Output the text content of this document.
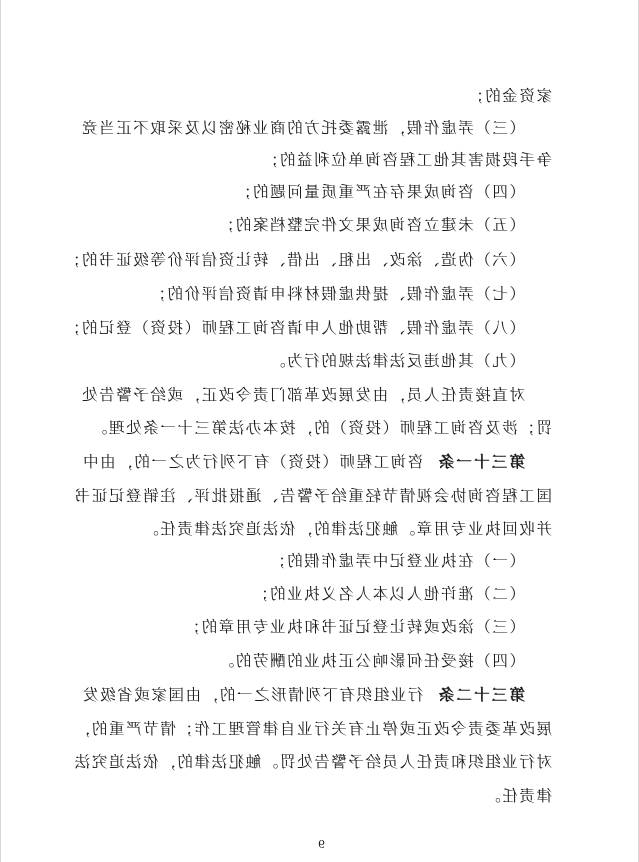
家资金的；
（三）弄虚作假，泄露委托方的商业秘密以及采取不正当竞
争手段损害其他工程咨询单位利益的；
（四）咨询成果存在严重质量问题的；
（五）未建立咨询成果文件完整档案的；
（六）伪造、涂改、出租、出借、转让资信评价等级证书的；
（七）弄虚作假、提供虚假材料申请资信评价的；
（八）弄虚作假、帮助他人申请咨询工程师（投资）登记的；
（九）其他违反法律法规的行为。
对直接责任人员，由发展改革部门责令改正，或给予警告处
罚；涉及咨询工程师（投资）的，按本办法第三十一条处理。
第三十一条  咨询工程师（投资）有下列行为之一的，由中
国工程咨询协会视情节轻重给予警告、通报批评、注销登记证书
并收回执业专用章。触犯法律的，依法追究法律责任。
（一）在执业登记中弄虚作假的；
（二）准许他人以本人名义执业的；
（三）涂改或转让登记证书和执业专用章的；
（四）接受任何影响公正执业的酬劳的。
第三十二条  行业组织有下列情形之一的，由国家或省级发
展改革委责令改正或停止有关行业自律管理工作；情节严重的，
对行业组织和责任人员给予警告处罚。触犯法律的，依法追究法
律责任。
9
